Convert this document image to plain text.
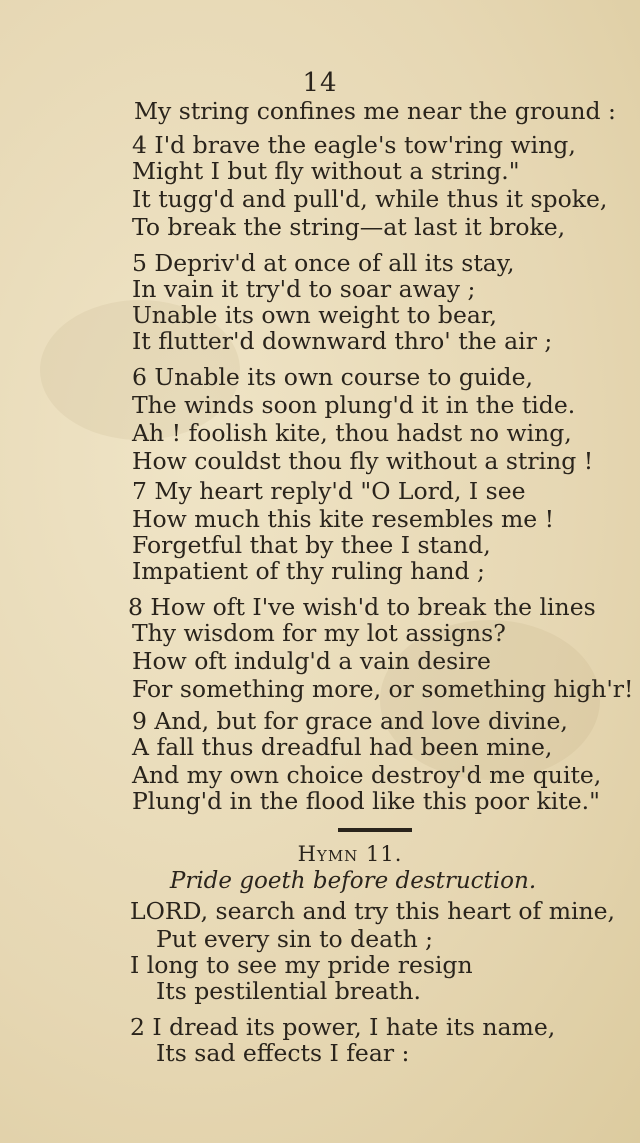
14
My string confines me near the ground :
4 I'd brave the eagle's tow'ring wing,
Might I but fly without a string."
It tugg'd and pull'd, while thus it spoke,
To break the string—at last it broke,
5 Depriv'd at once of all its stay,
In vain it try'd to soar away ;
Unable its own weight to bear,
It flutter'd downward thro' the air ;
6 Unable its own course to guide,
The winds soon plung'd it in the tide.
Ah ! foolish kite, thou hadst no wing,
How couldst thou fly without a string !
7 My heart reply'd "O Lord, I see
How much this kite resembles me !
Forgetful that by thee I stand,
Impatient of thy ruling hand ;
8 How oft I've wish'd to break the lines
Thy wisdom for my lot assigns?
How oft indulg'd a vain desire
For something more, or something high'r!
9 And, but for grace and love divine,
A fall thus dreadful had been mine,
And my own choice destroy'd me quite,
Plung'd in the flood like this poor kite."
Hymn 11.
Pride goeth before destruction.
LORD, search and try this heart of mine,
Put every sin to death ;
I long to see my pride resign
Its pestilential breath.
2 I dread its power, I hate its name,
Its sad effects I fear :
